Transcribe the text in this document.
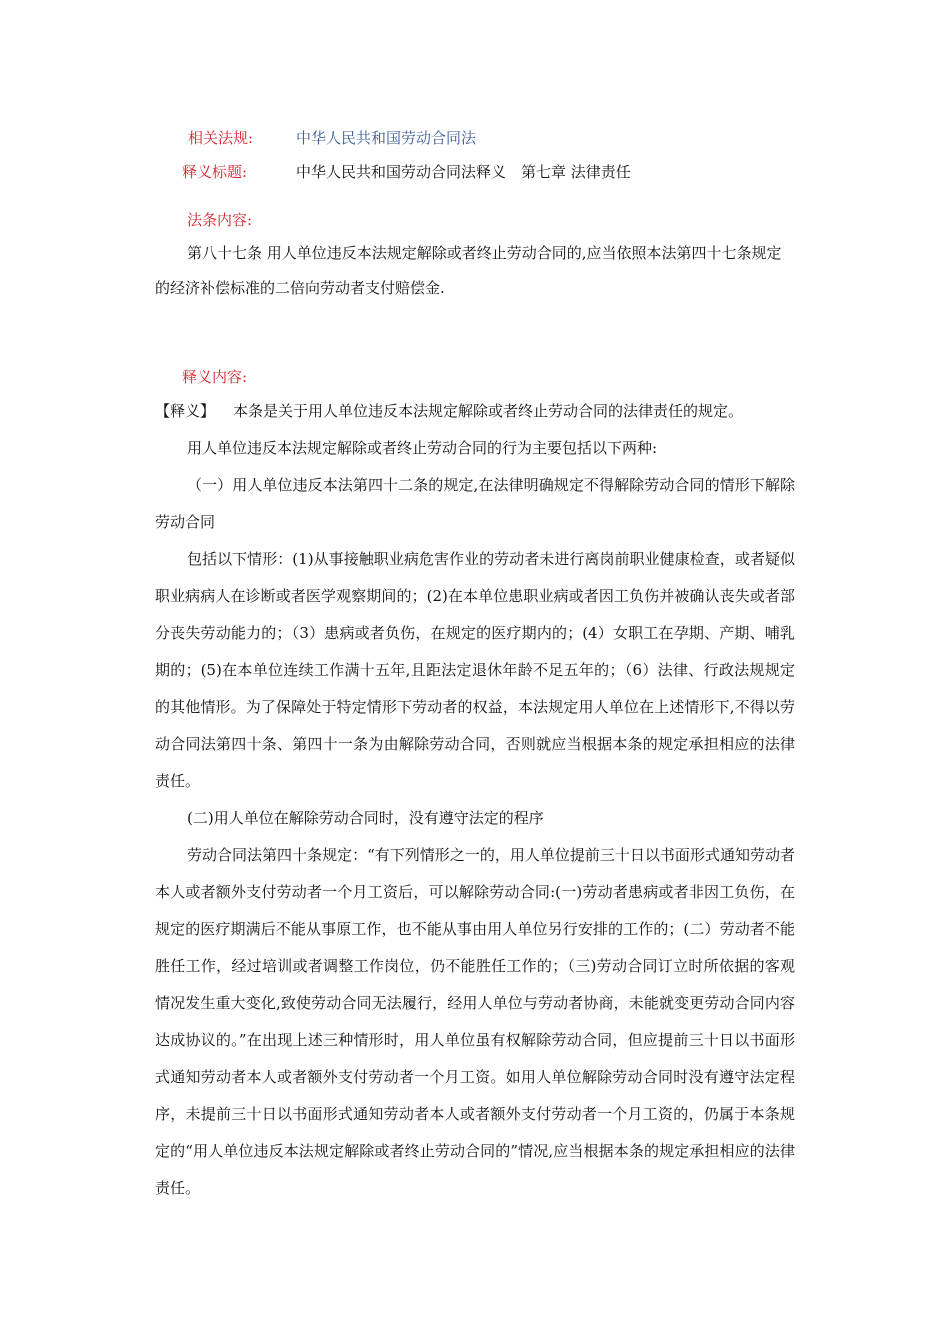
相关法规:	中华人民共和国劳动合同法
释义标题:	中华人民共和国劳动合同法释义　第七章 法律责任
法条内容:

第八十七条 用人单位违反本法规定解除或者终止劳动合同的,应当依照本法第四十七条规定的经济补偿标准的二倍向劳动者支付赔偿金.

释义内容:

【释义】 本条是关于用人单位违反本法规定解除或者终止劳动合同的法律责任的规定。

用人单位违反本法规定解除或者终止劳动合同的行为主要包括以下两种:

（一）用人单位违反本法第四十二条的规定,在法律明确规定不得解除劳动合同的情形下解除劳动合同

包括以下情形：(1)从事接触职业病危害作业的劳动者未进行离岗前职业健康检查，或者疑似职业病病人在诊断或者医学观察期间的；(2)在本单位患职业病或者因工负伤并被确认丧失或者部分丧失劳动能力的；（3）患病或者负伤，在规定的医疗期内的；(4）女职工在孕期、产期、哺乳期的；(5)在本单位连续工作满十五年,且距法定退休年龄不足五年的；（6）法律、行政法规规定的其他情形。为了保障处于特定情形下劳动者的权益，本法规定用人单位在上述情形下,不得以劳动合同法第四十条、第四十一条为由解除劳动合同，否则就应当根据本条的规定承担相应的法律责任。

(二)用人单位在解除劳动合同时，没有遵守法定的程序

劳动合同法第四十条规定：“有下列情形之一的，用人单位提前三十日以书面形式通知劳动者本人或者额外支付劳动者一个月工资后，可以解除劳动合同:(一)劳动者患病或者非因工负伤，在规定的医疗期满后不能从事原工作，也不能从事由用人单位另行安排的工作的；(二）劳动者不能胜任工作，经过培训或者调整工作岗位，仍不能胜任工作的；（三)劳动合同订立时所依据的客观情况发生重大变化,致使劳动合同无法履行，经用人单位与劳动者协商，未能就变更劳动合同内容达成协议的。”在出现上述三种情形时，用人单位虽有权解除劳动合同，但应提前三十日以书面形式通知劳动者本人或者额外支付劳动者一个月工资。如用人单位解除劳动合同时没有遵守法定程序，未提前三十日以书面形式通知劳动者本人或者额外支付劳动者一个月工资的，仍属于本条规定的“用人单位违反本法规定解除或者终止劳动合同的”情况,应当根据本条的规定承担相应的法律责任。
